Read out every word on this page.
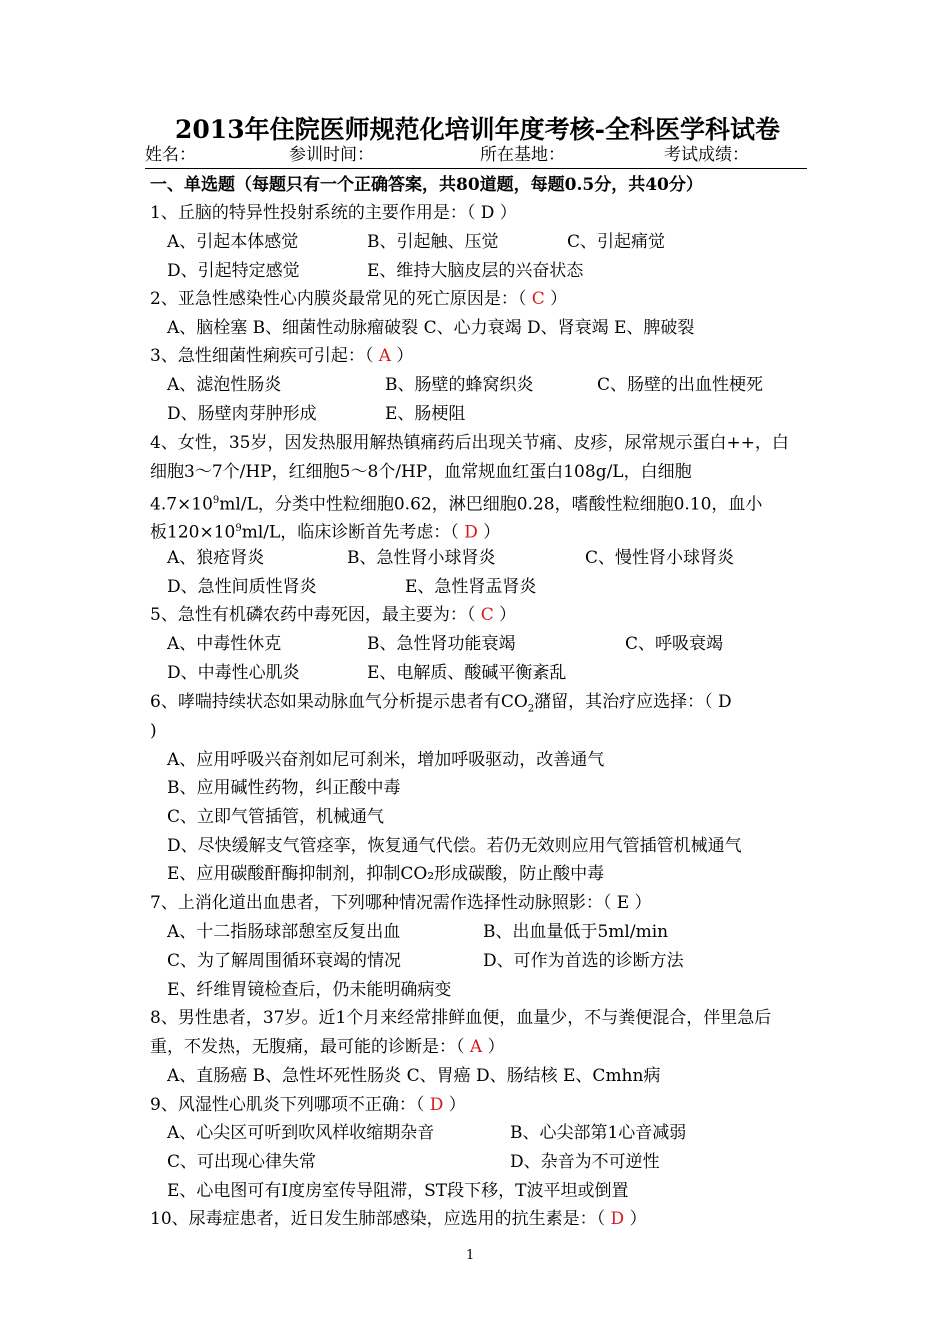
2013年住院医师规范化培训年度考核-全科医学科试卷
姓名：	参训时间：	所在基地：	考试成绩：
一、单选题（每题只有一个正确答案，共80道题，每题0.5分，共40分）
1、丘脑的特异性投射系统的主要作用是：（ D ）
A、引起本体感觉	B、引起触、压觉	C、引起痛觉
D、引起特定感觉	E、维持大脑皮层的兴奋状态
2、亚急性感染性心内膜炎最常见的死亡原因是：（ C ）
A、脑栓塞 B、细菌性动脉瘤破裂 C、心力衰竭 D、肾衰竭 E、脾破裂
3、急性细菌性痢疾可引起：（ A ）
A、滤泡性肠炎	B、肠壁的蜂窝织炎	C、肠壁的出血性梗死
D、肠壁肉芽肿形成	E、肠梗阻
4、女性，35岁，因发热服用解热镇痛药后出现关节痛、皮疹，尿常规示蛋白++，白
细胞3～7个/HP，红细胞5～8个/HP，血常规血红蛋白108g/L，白细胞
$4.7\times 10^9ml/L$，分类中性粒细胞0.62，淋巴细胞0.28，嗜酸性粒细胞0.10，血小
板$120\times 10^9ml/L$，临床诊断首先考虑：（ D ）
A、狼疮肾炎	B、急性肾小球肾炎	C、慢性肾小球肾炎
D、急性间质性肾炎	E、急性肾盂肾炎
5、急性有机磷农药中毒死因，最主要为：（ C ）
A、中毒性休克	B、急性肾功能衰竭	C、呼吸衰竭
D、中毒性心肌炎	E、电解质、酸碱平衡紊乱
6、哮喘持续状态如果动脉血气分析提示患者有$CO_2$潴留，其治疗应选择：（ D
)
A、应用呼吸兴奋剂如尼可刹米，增加呼吸驱动，改善通气
B、应用碱性药物，纠正酸中毒
C、立即气管插管，机械通气
D、尽快缓解支气管痉挛，恢复通气代偿。若仍无效则应用气管插管机械通气
E、应用碳酸酐酶抑制剂，抑制CO₂形成碳酸，防止酸中毒
7、上消化道出血患者，下列哪种情况需作选择性动脉照影：（ E ）
A、十二指肠球部憩室反复出血	B、出血量低于5ml/min
C、为了解周围循环衰竭的情况	D、可作为首选的诊断方法
E、纤维胃镜检查后，仍未能明确病变
8、男性患者，37岁。近1个月来经常排鲜血便，血量少，不与粪便混合，伴里急后
重，不发热，无腹痛，最可能的诊断是：（ A ）
A、直肠癌 B、急性坏死性肠炎 C、胃癌 D、肠结核 E、Cmhn病
9、风湿性心肌炎下列哪项不正确：（ D ）
A、心尖区可听到吹风样收缩期杂音	B、心尖部第1心音减弱
C、可出现心律失常	D、杂音为不可逆性
E、心电图可有I度房室传导阻滞，ST段下移，T波平坦或倒置
10、尿毒症患者，近日发生肺部感染，应选用的抗生素是：（ D ）
1
